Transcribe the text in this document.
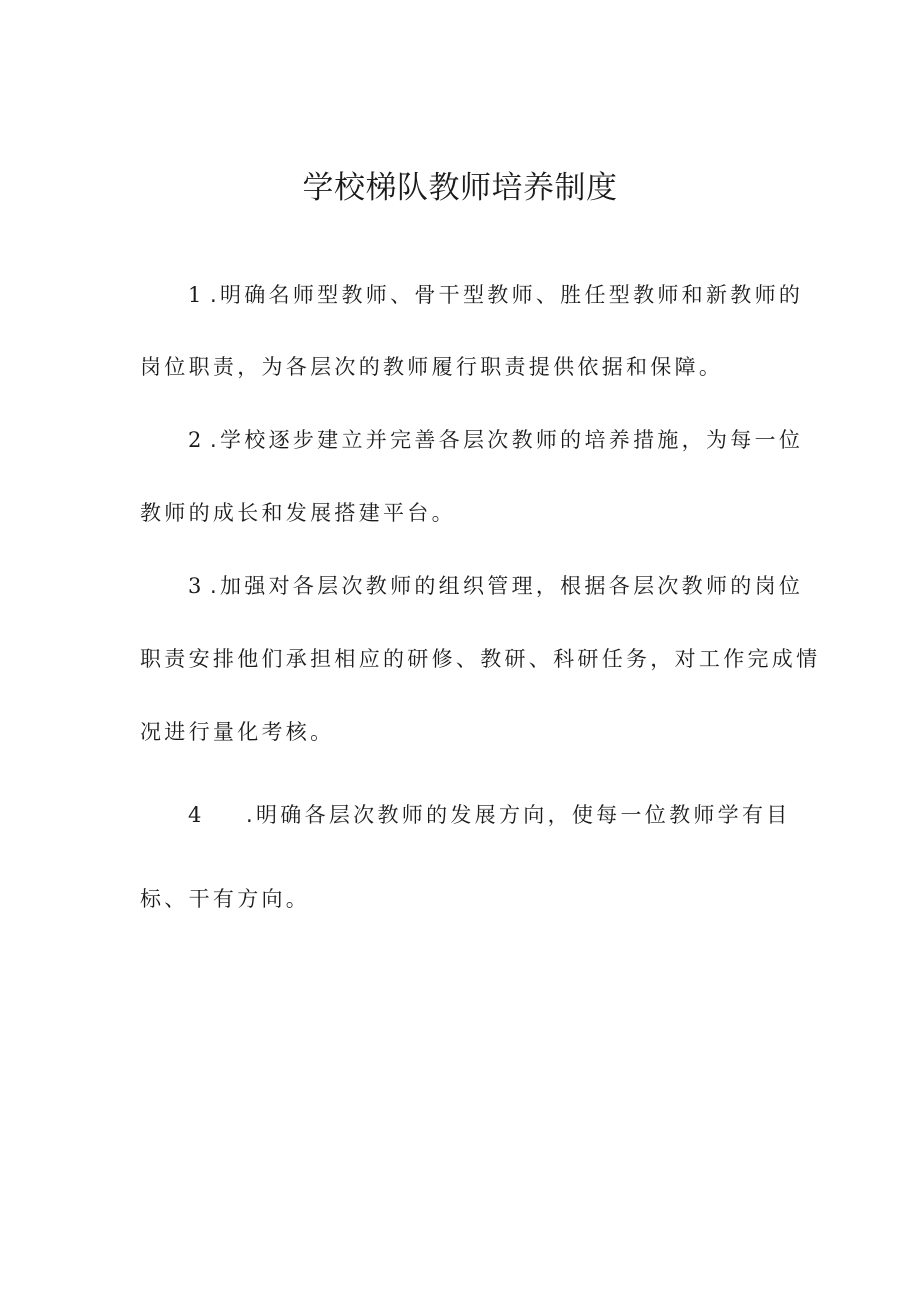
学校梯队教师培养制度
1 .明确名师型教师、骨干型教师、胜任型教师和新教师的
岗位职责，为各层次的教师履行职责提供依据和保障。
2 .学校逐步建立并完善各层次教师的培养措施，为每一位
教师的成长和发展搭建平台。
3 .加强对各层次教师的组织管理，根据各层次教师的岗位
职责安排他们承担相应的研修、教研、科研任务，对工作完成情
况进行量化考核。
4 .明确各层次教师的发展方向，使每一位教师学有目
标、干有方向。
